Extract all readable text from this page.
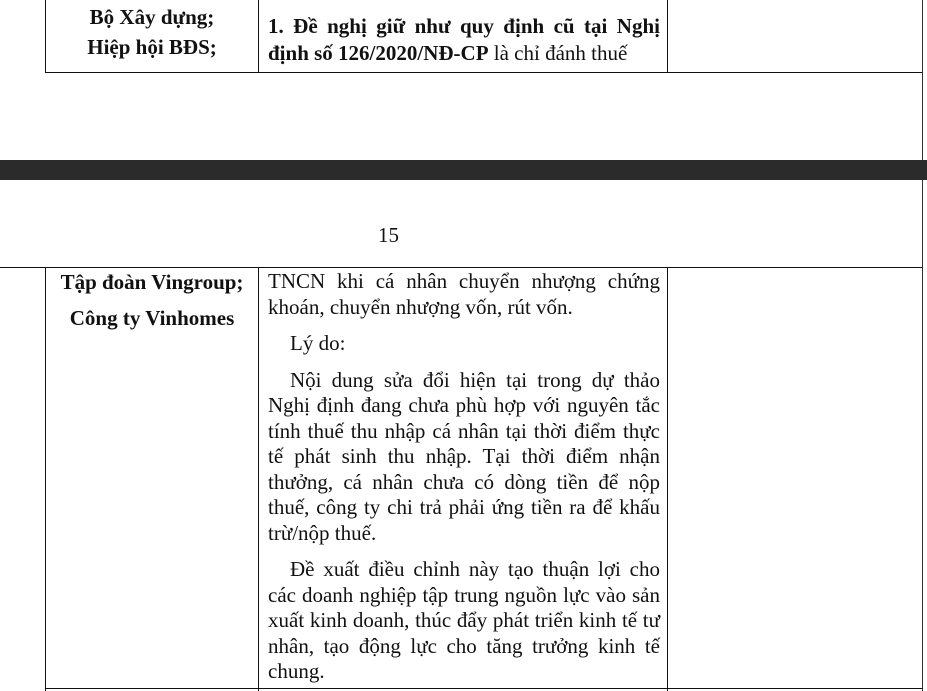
Bộ Xây dựng;
Hiệp hội BĐS;
1. Đề nghị giữ như quy định cũ tại Nghị định số 126/2020/NĐ-CP là chỉ đánh thuế
15
Tập đoàn Vingroup;
Công ty Vinhomes

TNCN khi cá nhân chuyển nhượng chứng khoán, chuyển nhượng vốn, rút vốn.

Lý do:

Nội dung sửa đổi hiện tại trong dự thảo Nghị định đang chưa phù hợp với nguyên tắc tính thuế thu nhập cá nhân tại thời điểm thực tế phát sinh thu nhập. Tại thời điểm nhận thưởng, cá nhân chưa có dòng tiền để nộp thuế, công ty chi trả phải ứng tiền ra để khấu trừ/nộp thuế.

Đề xuất điều chỉnh này tạo thuận lợi cho các doanh nghiệp tập trung nguồn lực vào sản xuất kinh doanh, thúc đẩy phát triển kinh tế tư nhân, tạo động lực cho tăng trưởng kinh tế chung.
